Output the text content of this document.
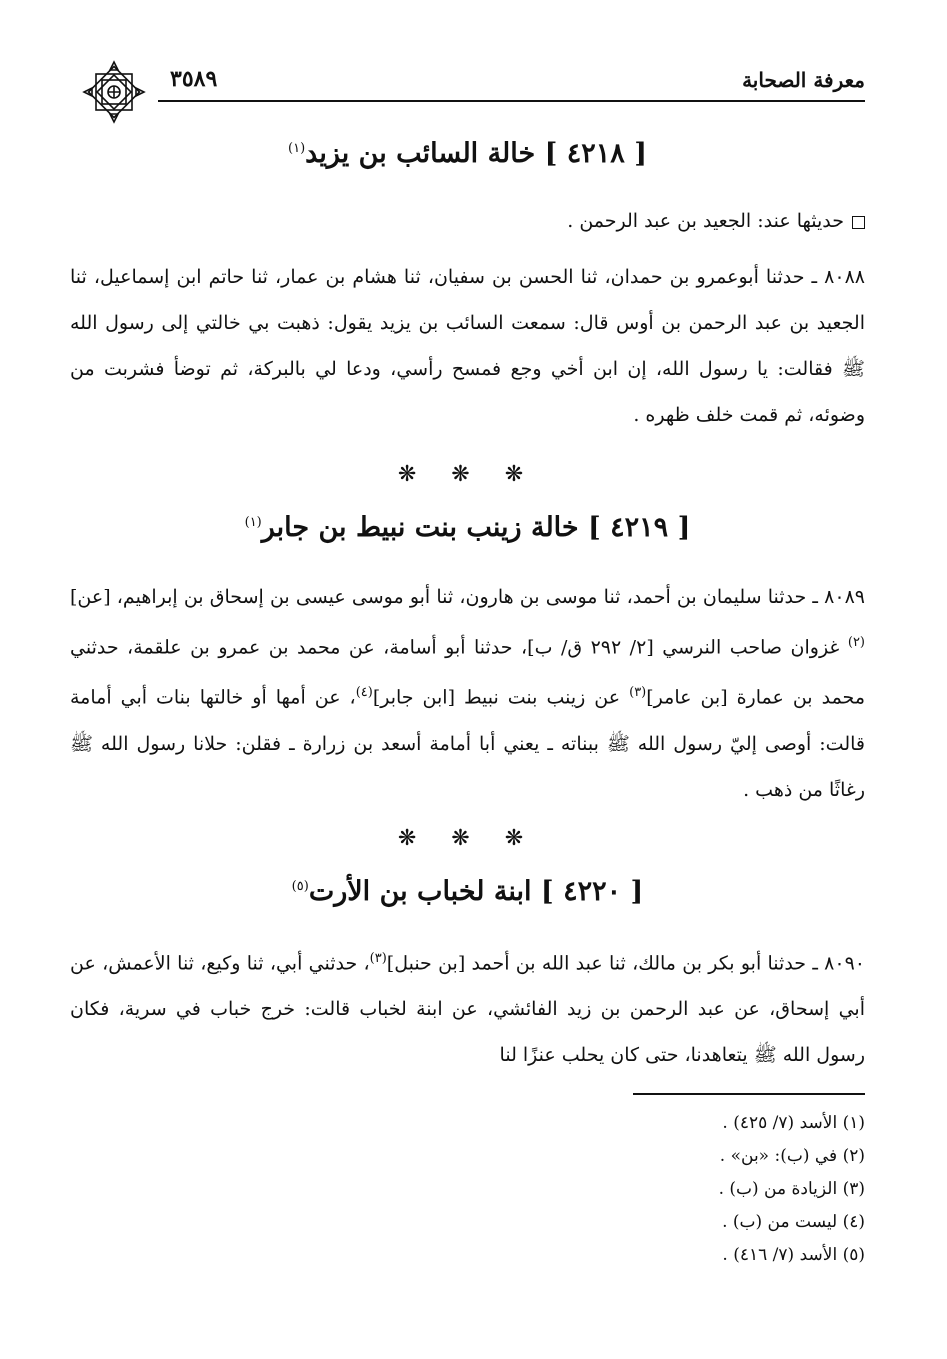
معرفة الصحابة
٣٥٨٩
[ ٤٢١٨ ] خالة السائب بن يزيد$^{(١)}$
حديثها عند: الجعيد بن عبد الرحمن .
٨٠٨٨ ـ حدثنا أبوعمرو بن حمدان، ثنا الحسن بن سفيان، ثنا هشام بن عمار، ثنا حاتم ابن إسماعيل، ثنا الجعيد بن عبد الرحمن بن أوس قال: سمعت السائب بن يزيد يقول: ذهبت بي خالتي إلى رسول الله ﷺ فقالت: يا رسول الله، إن ابن أخي وجع فمسح رأسي، ودعا لي بالبركة، ثم توضأ فشربت من وضوئه، ثم قمت خلف ظهره .
❋ ❋ ❋
[ ٤٢١٩ ] خالة زينب بنت نبيط بن جابر$^{(١)}$
٨٠٨٩ ـ حدثنا سليمان بن أحمد، ثنا موسى بن هارون، ثنا أبو موسى عيسى بن إسحاق بن إبراهيم، [عن]$^{(٢)}$ غزوان صاحب النرسي [٢/ ٢٩٢ ق/ ب]، حدثنا أبو أسامة، عن محمد بن عمرو بن علقمة، حدثني محمد بن عمارة [بن عامر]$^{(٣)}$ عن زينب بنت نبيط [ابن جابر]$^{(٤)}$، عن أمها أو خالتها بنات أبي أمامة قالت: أوصى إليّ رسول الله ﷺ ببناته ـ يعني أبا أمامة أسعد بن زرارة ـ فقلن: حلانا رسول الله ﷺ رغاثًا من ذهب .
❋ ❋ ❋
[ ٤٢٢٠ ] ابنة لخباب بن الأرت$^{(٥)}$
٨٠٩٠ ـ حدثنا أبو بكر بن مالك، ثنا عبد الله بن أحمد [بن حنبل]$^{(٣)}$، حدثني أبي، ثنا وكيع، ثنا الأعمش، عن أبي إسحاق، عن عبد الرحمن بن زيد الفائشي، عن ابنة لخباب قالت: خرج خباب في سرية، فكان رسول الله ﷺ يتعاهدنا، حتى كان يحلب عنزًا لنا
(١) الأسد (٧/ ٤٢٥) .
(٢) في (ب): «بن» .
(٣) الزيادة من (ب) .
(٤) ليست من (ب) .
(٥) الأسد (٧/ ٤١٦) .
